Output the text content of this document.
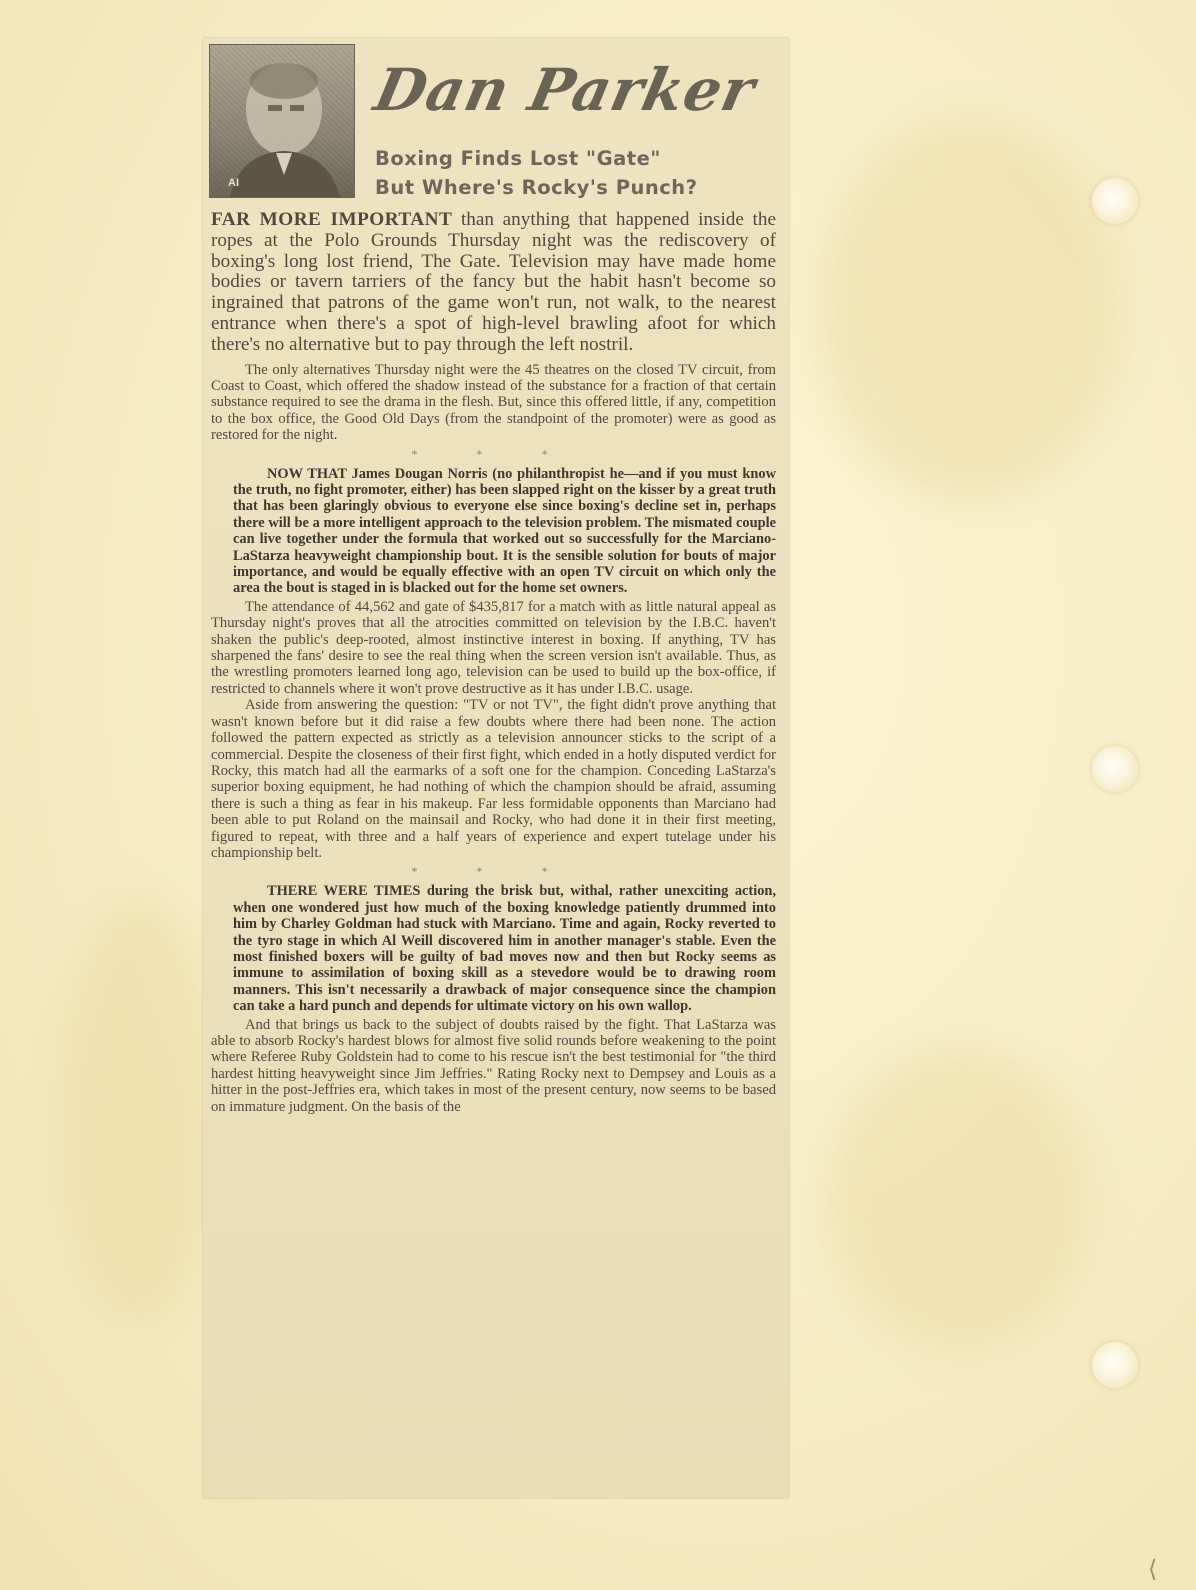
AI
Dan Parker
Boxing Finds Lost "Gate"
But Where's Rocky's Punch?

FAR MORE IMPORTANT than anything that happened inside the ropes at the Polo Grounds Thursday night was the rediscovery of boxing's long lost friend, The Gate. Television may have made home bodies or tavern tarriers of the fancy but the habit hasn't become so ingrained that patrons of the game won't run, not walk, to the nearest entrance when there's a spot of high-level brawling afoot for which there's no alternative but to pay through the left nostril.

The only alternatives Thursday night were the 45 theatres on the closed TV circuit, from Coast to Coast, which offered the shadow instead of the substance for a fraction of that certain substance required to see the drama in the flesh. But, since this offered little, if any, competition to the box office, the Good Old Days (from the standpoint of the promoter) were as good as restored for the night.

* * *

NOW THAT James Dougan Norris (no philanthropist he—and if you must know the truth, no fight promoter, either) has been slapped right on the kisser by a great truth that has been glaringly obvious to everyone else since boxing's decline set in, perhaps there will be a more intelligent approach to the television problem. The mismated couple can live together under the formula that worked out so successfully for the Marciano-LaStarza heavyweight championship bout. It is the sensible solution for bouts of major importance, and would be equally effective with an open TV circuit on which only the area the bout is staged in is blacked out for the home set owners.

The attendance of 44,562 and gate of $435,817 for a match with as little natural appeal as Thursday night's proves that all the atrocities committed on television by the I.B.C. haven't shaken the public's deep-rooted, almost instinctive interest in boxing. If anything, TV has sharpened the fans' desire to see the real thing when the screen version isn't available. Thus, as the wrestling promoters learned long ago, television can be used to build up the box-office, if restricted to channels where it won't prove destructive as it has under I.B.C. usage.

Aside from answering the question: "TV or not TV", the fight didn't prove anything that wasn't known before but it did raise a few doubts where there had been none. The action followed the pattern expected as strictly as a television announcer sticks to the script of a commercial. Despite the closeness of their first fight, which ended in a hotly disputed verdict for Rocky, this match had all the earmarks of a soft one for the champion. Conceding LaStarza's superior boxing equipment, he had nothing of which the champion should be afraid, assuming there is such a thing as fear in his makeup. Far less formidable opponents than Marciano had been able to put Roland on the mainsail and Rocky, who had done it in their first meeting, figured to repeat, with three and a half years of experience and expert tutelage under his championship belt.

* * *

THERE WERE TIMES during the brisk but, withal, rather unexciting action, when one wondered just how much of the boxing knowledge patiently drummed into him by Charley Goldman had stuck with Marciano. Time and again, Rocky reverted to the tyro stage in which Al Weill discovered him in another manager's stable. Even the most finished boxers will be guilty of bad moves now and then but Rocky seems as immune to assimilation of boxing skill as a stevedore would be to drawing room manners. This isn't necessarily a drawback of major consequence since the champion can take a hard punch and depends for ultimate victory on his own wallop.

And that brings us back to the subject of doubts raised by the fight. That LaStarza was able to absorb Rocky's hardest blows for almost five solid rounds before weakening to the point where Referee Ruby Goldstein had to come to his rescue isn't the best testimonial for "the third hardest hitting heavyweight since Jim Jeffries." Rating Rocky next to Dempsey and Louis as a hitter in the post-Jeffries era, which takes in most of the present century, now seems to be based on immature judgment. On the basis of the

⟨
